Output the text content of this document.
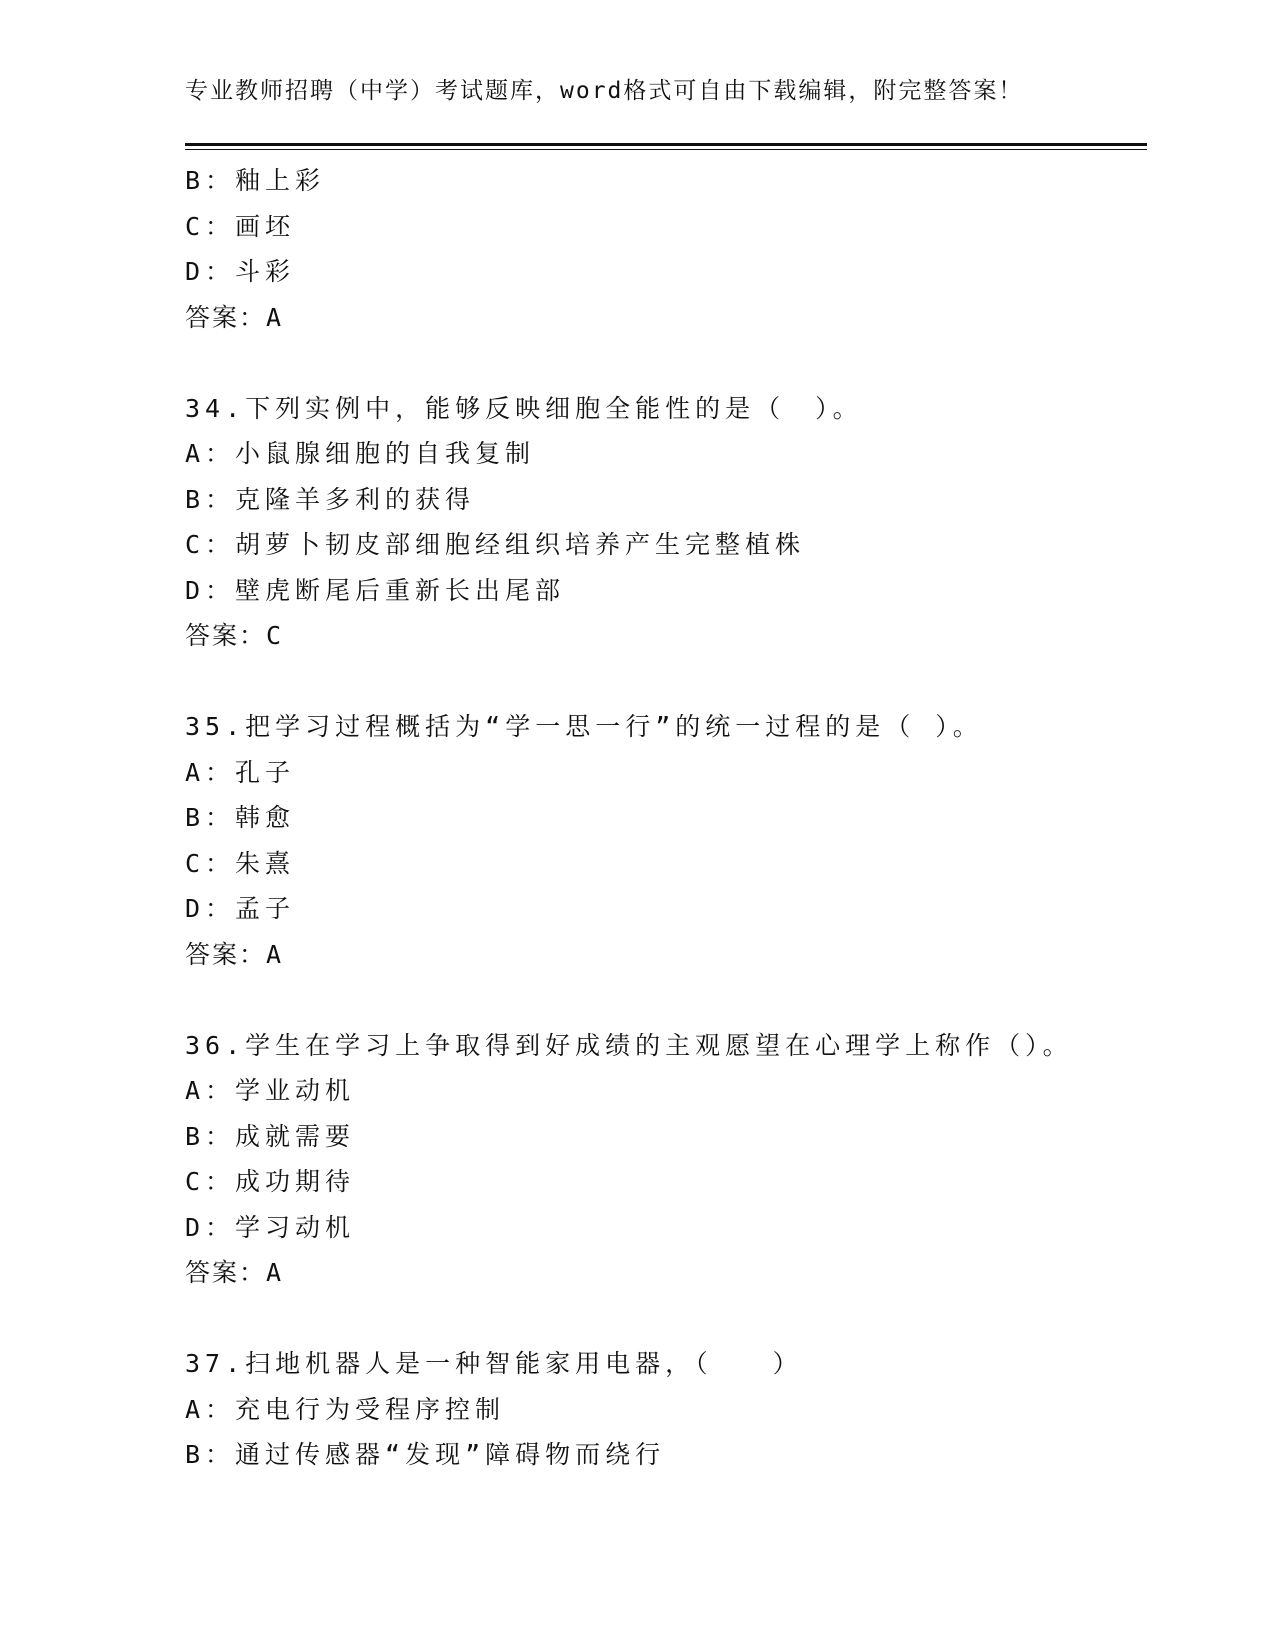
专业教师招聘（中学）考试题库，word格式可自由下载编辑，附完整答案！
B：釉上彩
C：画坯
D：斗彩
答案：A
34.下列实例中，能够反映细胞全能性的是（　）。
A：小鼠腺细胞的自我复制
B：克隆羊多利的获得
C：胡萝卜韧皮部细胞经组织培养产生完整植株
D：壁虎断尾后重新长出尾部
答案：C
35.把学习过程概括为“学一思一行”的统一过程的是（ ）。
A：孔子
B：韩愈
C：朱熹
D：孟子
答案：A
36.学生在学习上争取得到好成绩的主观愿望在心理学上称作（）。
A：学业动机
B：成就需要
C：成功期待
D：学习动机
答案：A
37.扫地机器人是一种智能家用电器，（　　）
A：充电行为受程序控制
B：通过传感器“发现”障碍物而绕行
